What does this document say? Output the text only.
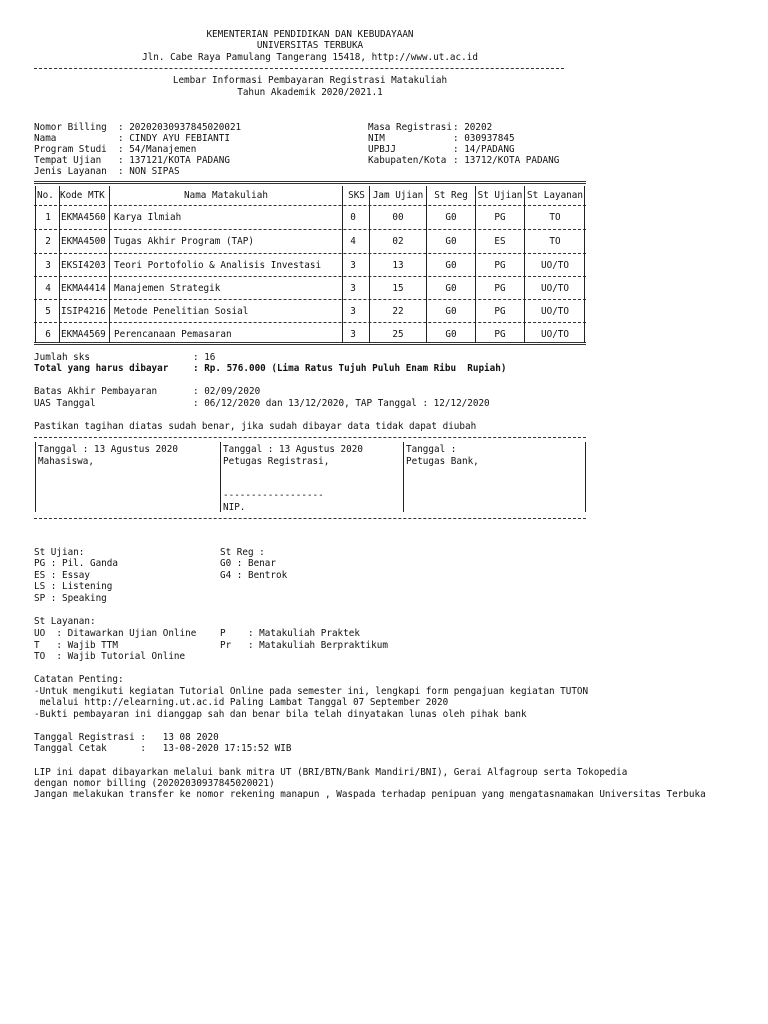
KEMENTERIAN PENDIDIKAN DAN KEBUDAYAAN
UNIVERSITAS TERBUKA
Jln. Cabe Raya Pamulang Tangerang 15418, http://www.ut.ac.id
Lembar Informasi Pembayaran Registrasi Matakuliah
Tahun Akademik 2020/2021.1
Nomor Billing : 20202030937845020021
Nama	: CINDY AYU FEBIANTI
Program Studi : 54/Manajemen
Tempat Ujian : 137121/KOTA PADANG
Jenis Layanan : NON SIPAS
Masa Registrasi : 20202
NIM	: 030937845
UPBJJ	: 14/PADANG
Kabupaten/Kota : 13712/KOTA PADANG
No. Kode MTK	Nama Matakuliah	SKS Jam Ujian	St Reg	St Ujian St Layanan
1	EKMA4560 Karya Ilmiah	0	00	G0	PG	TO
2	EKMA4500 Tugas Akhir Program (TAP)	4	02	G0	ES	TO
3	EKSI4203 Teori Portofolio & Analisis Investasi	3	13	G0	PG	UO/TO
4	EKMA4414 Manajemen Strategik	3	15	G0	PG	UO/TO
5	ISIP4216 Metode Penelitian Sosial	3	22	G0	PG	UO/TO
6	EKMA4569 Perencanaan Pemasaran	3	25	G0	PG	UO/TO
Jumlah sks	: 16
Total yang harus dibayar	: Rp. 576.000 (Lima Ratus Tujuh Puluh Enam Ribu  Rupiah)
Batas Akhir Pembayaran	: 02/09/2020
UAS Tanggal	: 06/12/2020 dan 13/12/2020, TAP Tanggal : 12/12/2020
Pastikan tagihan diatas sudah benar, jika sudah dibayar data tidak dapat diubah
Tanggal : 13 Agustus 2020
Mahasiswa,
Tanggal : 13 Agustus 2020
Petugas Registrasi,
------------------
NIP.
Tanggal :
Petugas Bank,
St Ujian:
PG : Pil. Ganda
ES : Essay
LS : Listening
SP : Speaking
St Reg :
G0 : Benar
G4 : Bentrok
St Layanan:
UO  : Ditawarkan Ujian Online
T   : Wajib TTM
TO  : Wajib Tutorial Online
P    : Matakuliah Praktek
Pr   : Matakuliah Berpraktikum
Catatan Penting:
-Untuk mengikuti kegiatan Tutorial Online pada semester ini, lengkapi form pengajuan kegiatan TUTON
melalui http://elearning.ut.ac.id Paling Lambat Tanggal 07 September 2020
-Bukti pembayaran ini dianggap sah dan benar bila telah dinyatakan lunas oleh pihak bank
Tanggal Registrasi :   13 08 2020
Tanggal Cetak      :   13-08-2020 17:15:52 WIB
LIP ini dapat dibayarkan melalui bank mitra UT (BRI/BTN/Bank Mandiri/BNI), Gerai Alfagroup serta Tokopedia
dengan nomor billing (20202030937845020021)
Jangan melakukan transfer ke nomor rekening manapun , Waspada terhadap penipuan yang mengatasnamakan Universitas Terbuka
